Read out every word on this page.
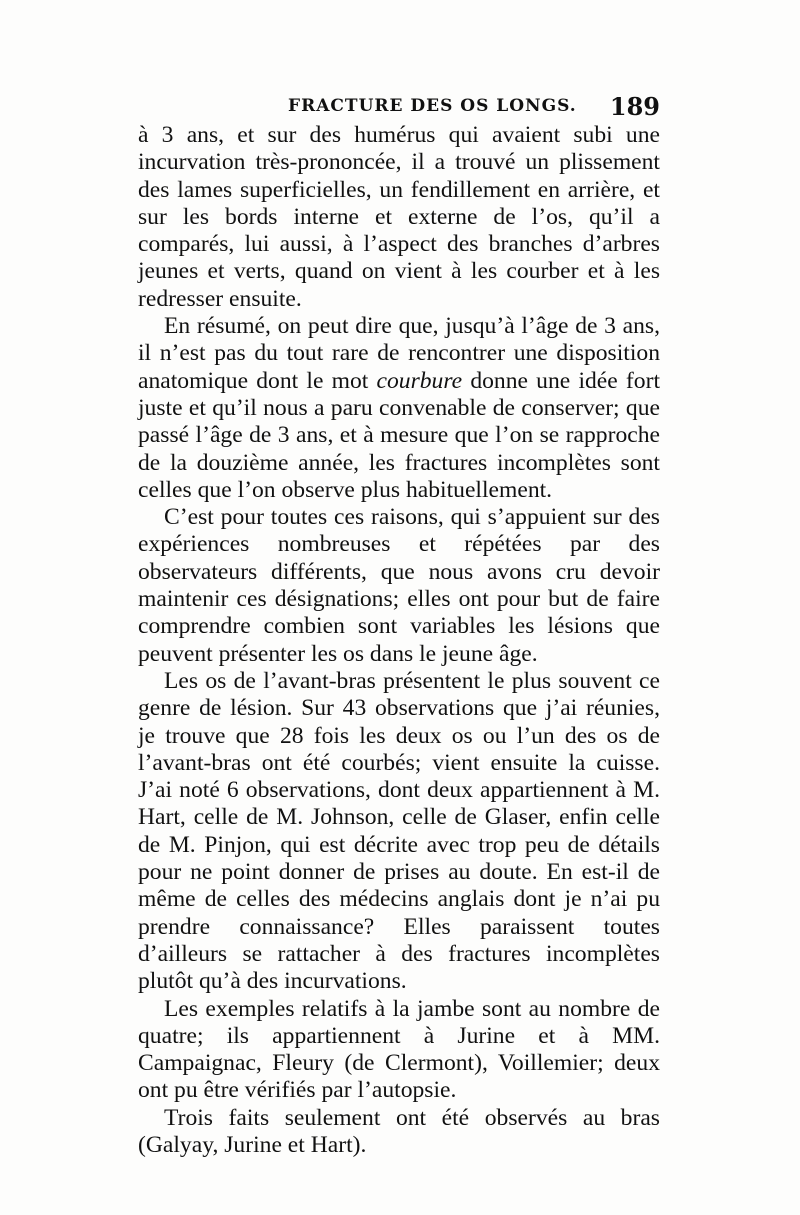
FRACTURE DES OS LONGS. 189

à 3 ans, et sur des humérus qui avaient subi une incurvation très-prononcée, il a trouvé un plissement des lames superficielles, un fendillement en arrière, et sur les bords interne et externe de l’os, qu’il a comparés, lui aussi, à l’aspect des branches d’arbres jeunes et verts, quand on vient à les courber et à les redresser ensuite.

En résumé, on peut dire que, jusqu’à l’âge de 3 ans, il n’est pas du tout rare de rencontrer une disposition anatomique dont le mot courbure donne une idée fort juste et qu’il nous a paru convenable de conserver; que passé l’âge de 3 ans, et à mesure que l’on se rapproche de la douzième année, les fractures incomplètes sont celles que l’on observe plus habituellement.

C’est pour toutes ces raisons, qui s’appuient sur des expériences nombreuses et répétées par des observateurs différents, que nous avons cru devoir maintenir ces désignations; elles ont pour but de faire comprendre combien sont variables les lésions que peuvent présenter les os dans le jeune âge.

Les os de l’avant-bras présentent le plus souvent ce genre de lésion. Sur 43 observations que j’ai réunies, je trouve que 28 fois les deux os ou l’un des os de l’avant-bras ont été courbés; vient ensuite la cuisse. J’ai noté 6 observations, dont deux appartiennent à M. Hart, celle de M. Johnson, celle de Glaser, enfin celle de M. Pinjon, qui est décrite avec trop peu de détails pour ne point donner de prises au doute. En est-il de même de celles des médecins anglais dont je n’ai pu prendre connaissance? Elles paraissent toutes d’ailleurs se rattacher à des fractures incomplètes plutôt qu’à des incurvations.

Les exemples relatifs à la jambe sont au nombre de quatre; ils appartiennent à Jurine et à MM. Campaignac, Fleury (de Clermont), Voillemier; deux ont pu être vérifiés par l’autopsie.

Trois faits seulement ont été observés au bras (Galyay, Jurine et Hart).
